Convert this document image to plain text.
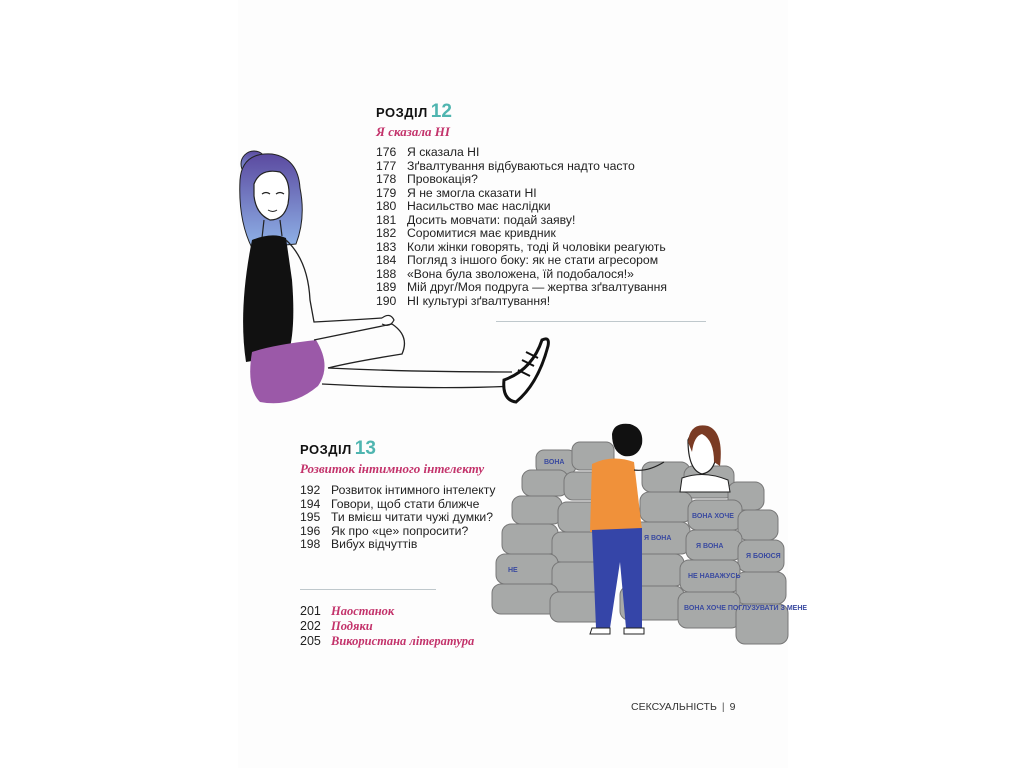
РОЗДІЛ 12
Я сказала НІ
176 Я сказала НІ
177 Зґвалтування відбуваються надто часто
178 Провокація?
179 Я не змогла сказати НІ
180 Насильство має наслідки
181 Досить мовчати: подай заяву!
182 Соромитися має кривдник
183 Коли жінки говорять, тоді й чоловіки реагують
184 Погляд з іншого боку: як не стати агресором
188 «Вона була зволожена, їй подобалося!»
189 Мій друг/Моя подруга — жертва зґвалтування
190 НІ культурі зґвалтування!
РОЗДІЛ 13
Розвиток інтимного інтелекту
192 Розвиток інтимного інтелекту
194 Говори, щоб стати ближче
195 Ти вмієш читати чужі думки?
196 Як про «це» попросити?
198 Вибух відчуттів
201 Наостанок
202 Подяки
205 Використана література
ВОНА
Я ВОНА
НЕ
ВОНА ХОЧЕ
Я ВОНА
Я БОЮСЯ
НЕ НАВАЖУСЬ
ВОНА ХОЧЕ ПОГЛУЗУВАТИ З МЕНЕ
СЕКСУАЛЬНІСТЬ | 9
